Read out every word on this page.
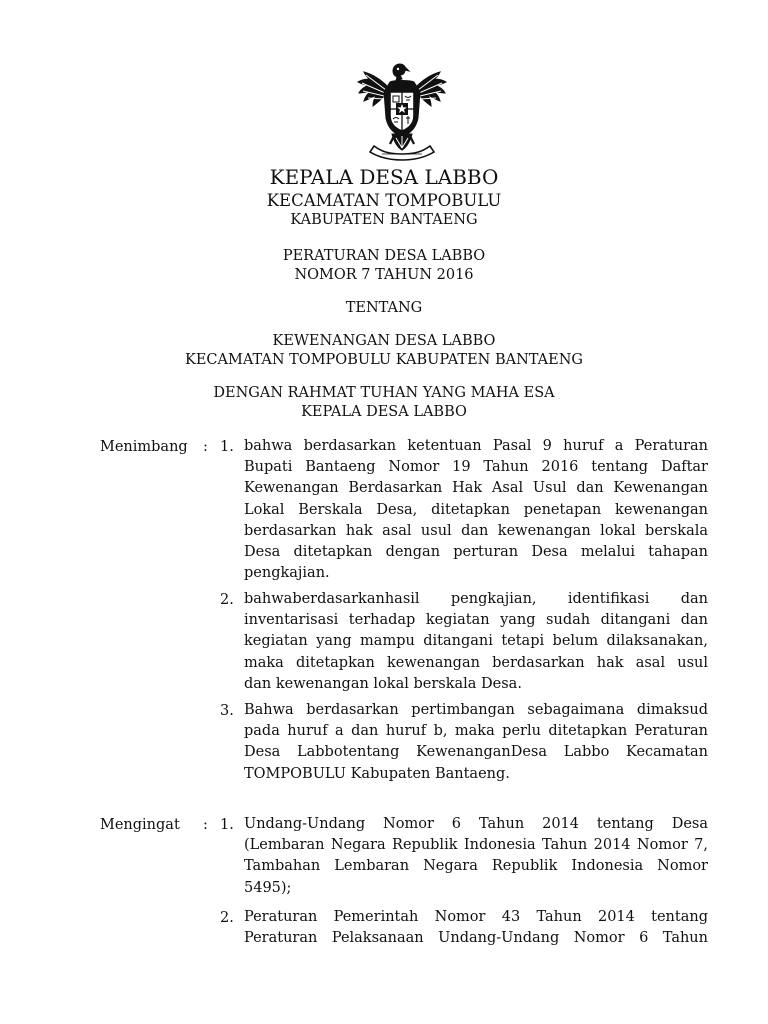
KEPALA DESA LABBO
KECAMATAN TOMPOBULU
KABUPATEN BANTAENG
PERATURAN DESA LABBO
NOMOR 7 TAHUN 2016
TENTANG
KEWENANGAN DESA LABBO
KECAMATAN TOMPOBULU KABUPATEN BANTAENG
DENGAN RAHMAT TUHAN YANG MAHA ESA
KEPALA DESA LABBO
Menimbang : 1. bahwa berdasarkan ketentuan Pasal 9 huruf a Peraturan
Bupati Bantaeng Nomor 19 Tahun 2016 tentang Daftar
Kewenangan Berdasarkan Hak Asal Usul dan Kewenangan
Lokal Berskala Desa, ditetapkan penetapan kewenangan
berdasarkan hak asal usul dan kewenangan lokal berskala
Desa ditetapkan dengan perturan Desa melalui tahapan
pengkajian.
2. bahwaberdasarkanhasil pengkajian, identifikasi dan
inventarisasi terhadap kegiatan yang sudah ditangani dan
kegiatan yang mampu ditangani tetapi belum dilaksanakan,
maka ditetapkan kewenangan berdasarkan hak asal usul
dan kewenangan lokal berskala Desa.
3. Bahwa berdasarkan pertimbangan sebagaimana dimaksud
pada huruf a dan huruf b, maka perlu ditetapkan Peraturan
Desa Labbotentang KewenanganDesa Labbo Kecamatan
TOMPOBULU Kabupaten Bantaeng.
Mengingat : 1. Undang-Undang Nomor 6 Tahun 2014 tentang Desa
(Lembaran Negara Republik Indonesia Tahun 2014 Nomor 7,
Tambahan Lembaran Negara Republik Indonesia Nomor
5495);
2. Peraturan Pemerintah Nomor 43 Tahun 2014 tentang
Peraturan Pelaksanaan Undang-Undang Nomor 6 Tahun
